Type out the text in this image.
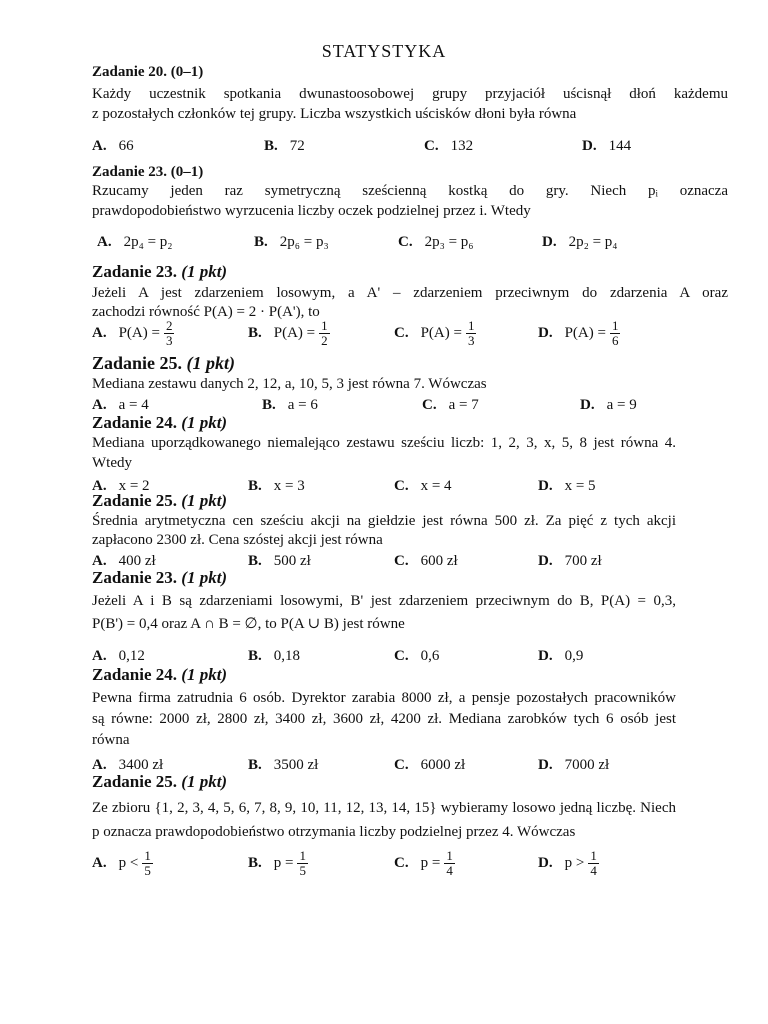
STATYSTYKA
Zadanie 20. (0–1)
Każdy uczestnik spotkania dwunastoosobowej grupy przyjaciół uścisnął dłoń każdemu
z pozostałych członków tej grupy. Liczba wszystkich uścisków dłoni była równa
A. 66	B. 72	C. 132	D. 144
Zadanie 23. (0–1)
Rzucamy jeden raz symetryczną sześcienną kostką do gry. Niech pᵢ oznacza
prawdopodobieństwo wyrzucenia liczby oczek podzielnej przez i. Wtedy
A. 2p₄ = p₂	B. 2p₆ = p₃	C. 2p₃ = p₆	D. 2p₂ = p₄
Zadanie 23. (1 pkt)
Jeżeli A jest zdarzeniem losowym, a A' – zdarzeniem przeciwnym do zdarzenia A oraz
zachodzi równość P(A) = 2 · P(A'), to
A. $P(A) = \frac{2}{3}$	B. $P(A) = \frac{1}{2}$	C. $P(A) = \frac{1}{3}$	D. $P(A) = \frac{1}{6}$
Zadanie 25. (1 pkt)
Mediana zestawu danych 2, 12, a, 10, 5, 3 jest równa 7. Wówczas
A. a = 4	B. a = 6	C. a = 7	D. a = 9
Zadanie 24. (1 pkt)
Mediana uporządkowanego niemalejąco zestawu sześciu liczb: 1, 2, 3, x, 5, 8 jest równa 4.
Wtedy
A. x = 2	B. x = 3	C. x = 4	D. x = 5
Zadanie 25. (1 pkt)
Średnia arytmetyczna cen sześciu akcji na giełdzie jest równa 500 zł. Za pięć z tych akcji
zapłacono 2300 zł. Cena szóstej akcji jest równa
A. 400 zł	B. 500 zł	C. 600 zł	D. 700 zł
Zadanie 23. (1 pkt)
Jeżeli A i B są zdarzeniami losowymi, B' jest zdarzeniem przeciwnym do B, P(A) = 0,3,
P(B') = 0,4 oraz A ∩ B = ∅, to P(A ∪ B) jest równe
A. 0,12	B. 0,18	C. 0,6	D. 0,9
Zadanie 24. (1 pkt)
Pewna firma zatrudnia 6 osób. Dyrektor zarabia 8000 zł, a pensje pozostałych pracowników
są równe: 2000 zł, 2800 zł, 3400 zł, 3600 zł, 4200 zł. Mediana zarobków tych 6 osób jest
równa
A. 3400 zł	B. 3500 zł	C. 6000 zł	D. 7000 zł
Zadanie 25. (1 pkt)
Ze zbioru {1, 2, 3, 4, 5, 6, 7, 8, 9, 10, 11, 12, 13, 14, 15} wybieramy losowo jedną liczbę. Niech
p oznacza prawdopodobieństwo otrzymania liczby podzielnej przez 4. Wówczas
A. $p < \frac{1}{5}$	B. $p = \frac{1}{5}$	C. $p = \frac{1}{4}$	D. $p > \frac{1}{4}$
